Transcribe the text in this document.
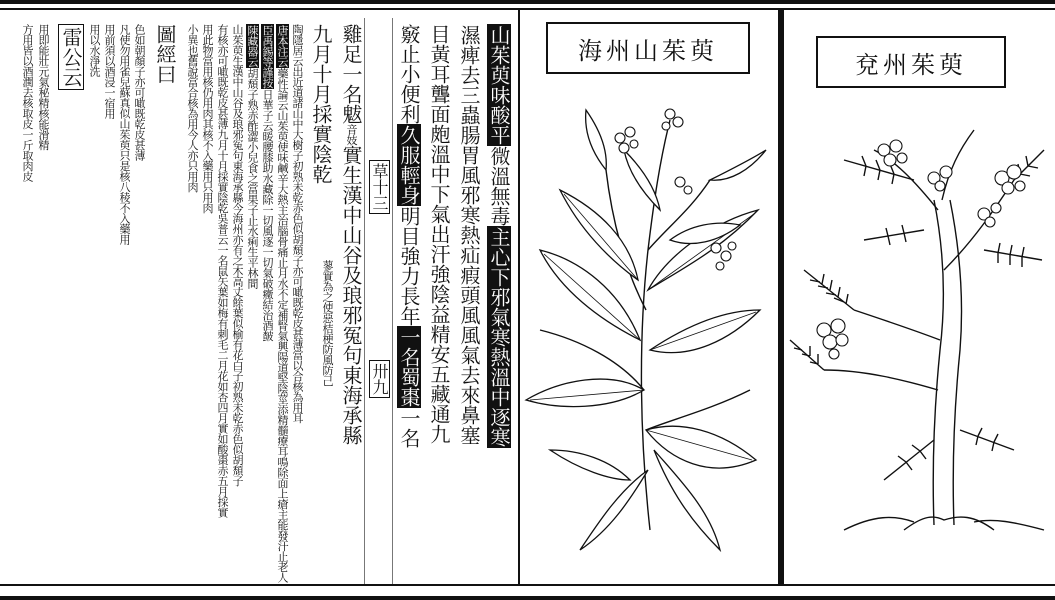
山茱萸味酸平微溫無毒主心下邪氣寒熱溫中逐寒
濕痺去三蟲腸胃風邪寒熱疝瘕頭風風氣去來鼻塞
目黃耳聾面皰溫中下氣出汗強陰益精安五藏通九
竅止小便利久服輕身明目強力長年一名蜀棗一名
草十三
卅九
雞足一名魃音妓實生漢中山谷及琅邪冤句東海承縣
九月十月採實陰乾
蓼實為之使惡桔梗防風防己
陶隱居云出近道諸山中大樹子初熟未乾赤色似胡頹子亦可噉既乾皮甚薄當以合核為用耳
唐本注云藥性論云山茱萸使味鹹辛大熱主治腦骨痛止月水不定補腎氣興陽道堅陰莖添精髓療耳鳴除面上瘡主能發汗止老人
臣禹錫等謹按日華子云暖腰膝助水藏除一切風逐一切氣破癥結治酒皶
陳藏器云胡頹子熟赤酢澀小兒食之當果子止水痢生平林間
山茱萸生漢中山谷及琅邪冤句東海承縣今海州亦有之木高丈餘葉似榆有花白子初熟未乾赤色似胡頹子
有核亦可噉既乾皮甚薄九月十月採實陰乾吳普云一名鼠矢葉如梅有刺毛二月花如杏四月實如酸棗赤五月採實
用此物當用核仍用肉其核不入藥用只用肉
小異也舊說當合核為用今人亦只用肉
圖經曰
色如朝顏子亦可噉既乾皮甚薄
凡使勿用雀兒蘇真似山茱萸只是核八稜不入藥用
用前須以酒浸一宿用
用以水淨洗
雷公云
用即能壯元氣秘精核能滑精
方用皆以酒潤去核取皮一斤取肉皮	海州山茱萸	兗州茱萸
